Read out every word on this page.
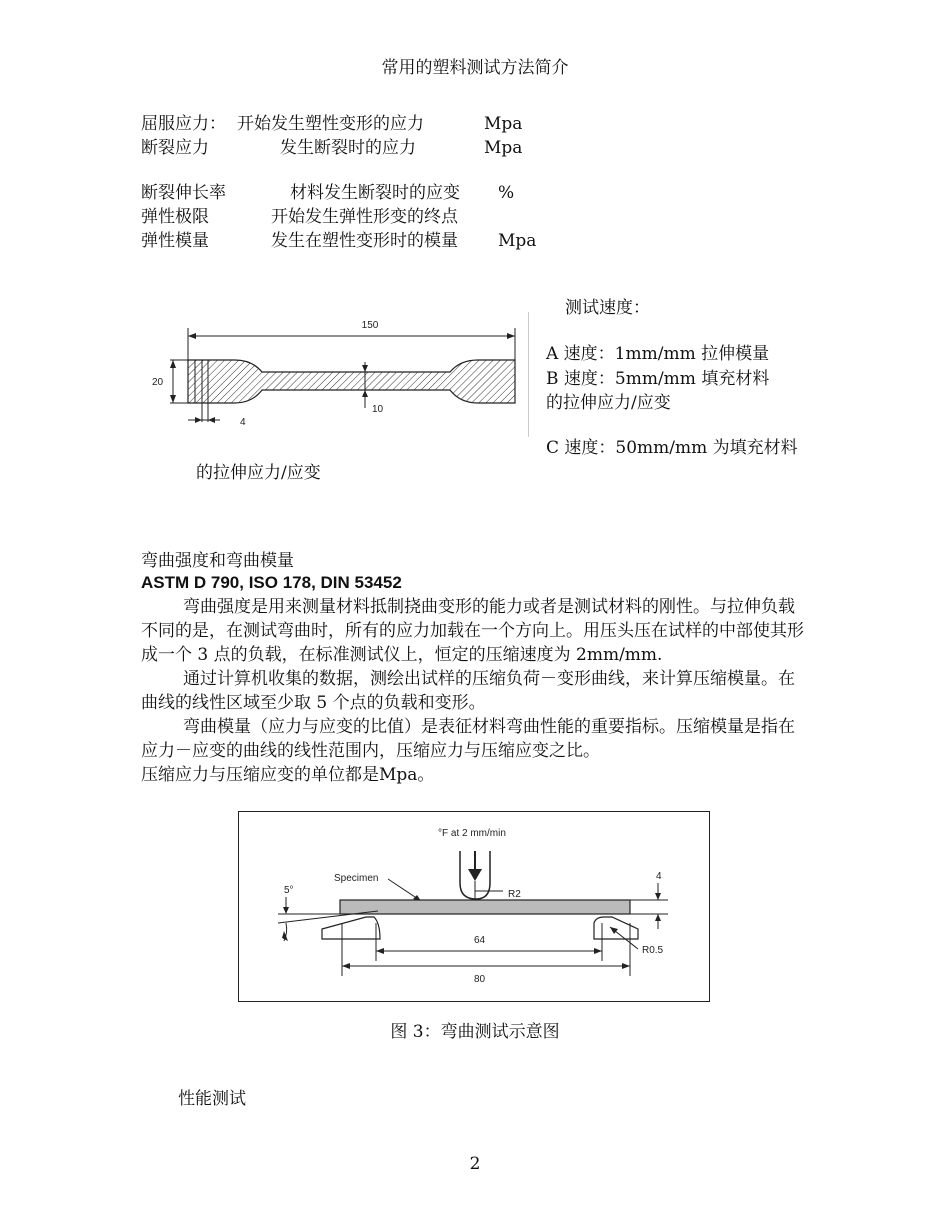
常用的塑料测试方法简介
屈服应力： 开始发生塑性变形的应力	Mpa
断裂应力	发生断裂时的应力	Mpa
断裂伸长率	材料发生断裂时的应变 %
弹性极限	开始发生弹性形变的终点
弹性模量	发生在塑性变形时的模量 Mpa
150
20
10
4
测试速度：
A 速度：1mm/mm 拉伸模量
B 速度：5mm/mm 填充材料
的拉伸应力/应变
C 速度：50mm/mm 为填充材料
的拉伸应力/应变
弯曲强度和弯曲模量
ASTM D 790, ISO 178, DIN 53452
弯曲强度是用来测量材料抵制挠曲变形的能力或者是测试材料的刚性。与拉伸负载不同的是，在测试弯曲时，所有的应力加载在一个方向上。用压头压在试样的中部使其形成一个 3 点的负载，在标准测试仪上，恒定的压缩速度为 2mm/mm.
通过计算机收集的数据，测绘出试样的压缩负荷－变形曲线，来计算压缩模量。在曲线的线性区域至少取 5 个点的负载和变形。
弯曲模量（应力与应变的比值）是表征材料弯曲性能的重要指标。压缩模量是指在应力－应变的曲线的线性范围内，压缩应力与压缩应变之比。
压缩应力与压缩应变的单位都是Mpa。
°F at 2 mm/min
R2
Specimen	4
5°
R0.5
64
80
图 3：弯曲测试示意图
性能测试
2
